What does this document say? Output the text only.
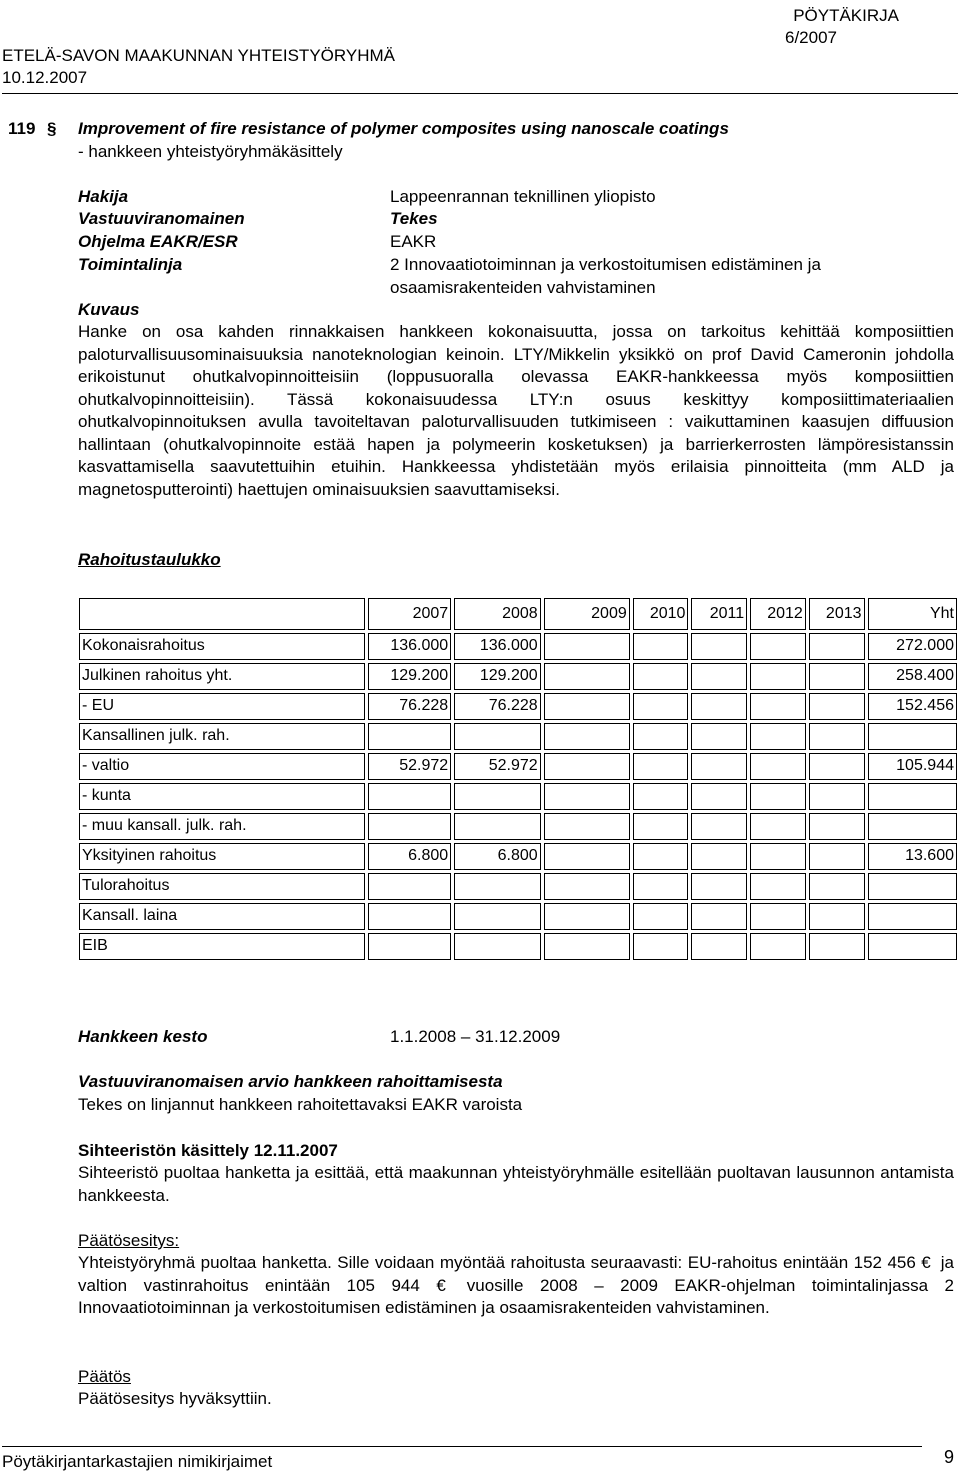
PÖYTÄKIRJA
6/2007
ETELÄ-SAVON MAAKUNNAN YHTEISTYÖRYHMÄ
10.12.2007
119 § Improvement of fire resistance of polymer composites using nanoscale coatings
- hankkeen yhteistyöryhmäkäsittely
Hakija	Lappeenrannan teknillinen yliopisto
Vastuuviranomainen	Tekes
Ohjelma EAKR/ESR	EAKR
Toimintalinja	2 Innovaatiotoiminnan ja verkostoitumisen edistäminen ja
osaamisrakenteiden vahvistaminen
Kuvaus
Hanke on osa kahden rinnakkaisen hankkeen kokonaisuutta, jossa on tarkoitus kehittää komposiittien paloturvallisuusominaisuuksia nanoteknologian keinoin. LTY/Mikkelin yksikkö on prof David Cameronin johdolla erikoistunut ohutkalvopinnoitteisiin (loppusuoralla olevassa EAKR-hankkeessa myös komposiittien ohutkalvopinnoitteisiin). Tässä kokonaisuudessa LTY:n osuus keskittyy komposiittimateriaalien ohutkalvopinnoituksen avulla tavoiteltavan paloturvallisuuden tutkimiseen : vaikuttaminen kaasujen diffuusion hallintaan (ohutkalvopinnoite estää hapen ja polymeerin kosketuksen) ja barrierkerrosten lämpöresistanssin kasvattamisella saavutettuihin etuihin. Hankkeessa yhdistetään myös erilaisia pinnoitteita (mm ALD ja magnetosputterointi) haettujen ominaisuuksien saavuttamiseksi.
Rahoitustaulukko
	2007	2008	2009	2010	2011	2012	2013	Yht
Kokonaisrahoitus	136.000	136.000						272.000
Julkinen rahoitus yht.	129.200	129.200						258.400
- EU	76.228	76.228						152.456
Kansallinen julk. rah.								
- valtio	52.972	52.972						105.944
- kunta								
- muu kansall. julk. rah.								
Yksityinen rahoitus	6.800	6.800						13.600
Tulorahoitus								
Kansall. laina								
EIB								
Hankkeen kesto	1.1.2008 – 31.12.2009
Vastuuviranomaisen arvio hankkeen rahoittamisesta
Tekes on linjannut hankkeen rahoitettavaksi EAKR varoista
Sihteeristön käsittely 12.11.2007
Sihteeristö puoltaa hanketta ja esittää, että maakunnan yhteistyöryhmälle esitellään puoltavan lausunnon antamista hankkeesta.
Päätösesitys:
Yhteistyöryhmä puoltaa hanketta. Sille voidaan myöntää rahoitusta seuraavasti: EU-rahoitus enintään 152 456 € ja valtion vastinrahoitus enintään 105 944 € vuosille 2008 – 2009 EAKR-ohjelman toimintalinjassa 2 Innovaatiotoiminnan ja verkostoitumisen edistäminen ja osaamisrakenteiden vahvistaminen.
Päätös
Päätösesitys hyväksyttiin.
Pöytäkirjantarkastajien nimikirjaimet	9
